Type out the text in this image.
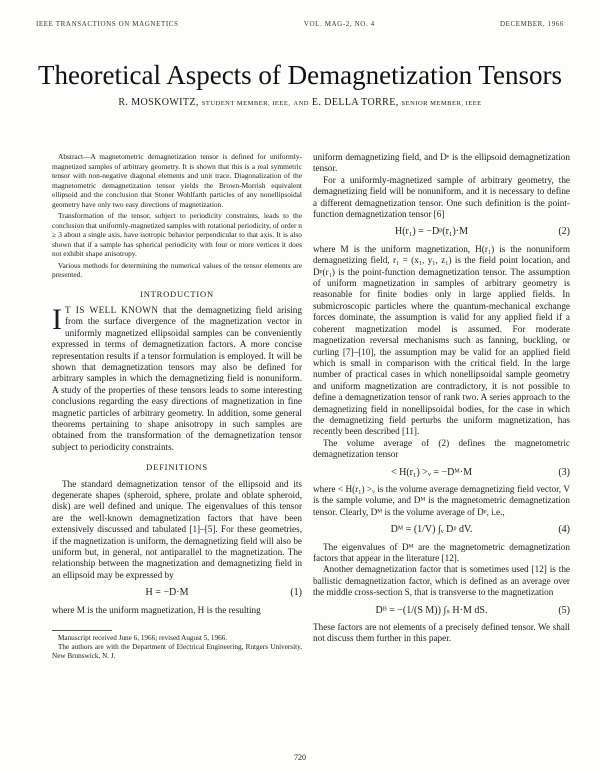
IEEE TRANSACTIONS ON MAGNETICS	VOL. MAG-2, NO. 4	DECEMBER, 1966
Theoretical Aspects of Demagnetization Tensors
R. MOSKOWITZ, STUDENT MEMBER, IEEE, AND E. DELLA TORRE, SENIOR MEMBER, IEEE

Abstract—A magnetometric demagnetization tensor is defined for uniformly-magnetized samples of arbitrary geometry. It is shown that this is a real symmetric tensor with non-negative diagonal elements and unit trace. Diagonalization of the magnetometric demagnetization tensor yields the Brown-Morrish equivalent ellipsoid and the conclusion that Stoner Wohlfarth particles of any nonellipsoidal geometry have only two easy directions of magnetization.

Transformation of the tensor, subject to periodicity constraints, leads to the conclusion that uniformly-magnetized samples with rotational periodicity, of order n ≥ 3 about a single axis, have isotropic behavior perpendicular to that axis. It is also shown that if a sample has spherical periodicity with four or more vertices it does not exhibit shape anisotropy.

Various methods for determining the numerical values of the tensor elements are presented.

INTRODUCTION

I T IS WELL KNOWN that the demagnetizing field arising from the surface divergence of the magnetization vector in uniformly magnetized ellipsoidal samples can be conveniently expressed in terms of demagnetization factors. A more concise representation results if a tensor formulation is employed. It will be shown that demagnetization tensors may also be defined for arbitrary samples in which the demagnetizing field is nonuniform. A study of the properties of these tensors leads to some interesting conclusions regarding the easy directions of magnetization in fine magnetic particles of arbitrary geometry. In addition, some general theorems pertaining to shape anisotropy in such samples are obtained from the transformation of the demagnetization tensor subject to periodicity constraints.

DEFINITIONS

The standard demagnetization tensor of the ellipsoid and its degenerate shapes (spheroid, sphere, prolate and oblate spheroid, disk) are well defined and unique. The eigenvalues of this tensor are the well-known demagnetization factors that have been extensively discussed and tabulated [1]–[5]. For these geometries, if the magnetization is uniform, the demagnetizing field will also be uniform but, in general, not antiparallel to the magnetization. The relationship between the magnetization and demagnetizing field in an ellipsoid may be expressed by

H = −D·M	(1)

where M is the uniform magnetization, H is the resulting

Manuscript received June 6, 1966; revised August 5, 1966.

The authors are with the Department of Electrical Engineering, Rutgers University, New Brunswick, N. J.

uniform demagnetizing field, and Dᵉ is the ellipsoid demagnetization tensor.

For a uniformly-magnetized sample of arbitrary geometry, the demagnetizing field will be nonuniform, and it is necessary to define a different demagnetization tensor. One such definition is the point-function demagnetization tensor [6]

H(r₁) = −Dᵖ(r₁)·M	(2)

where M is the uniform magnetization, H(r₁) is the nonuniform demagnetizing field, r₁ = (x₁, y₁, z₁) is the field point location, and Dᵖ(r₁) is the point-function demagnetization tensor. The assumption of uniform magnetization in samples of arbitrary geometry is reasonable for finite bodies only in large applied fields. In submicroscopic particles where the quantum-mechanical exchange forces dominate, the assumption is valid for any applied field if a coherent magnetization model is assumed. For moderate magnetization reversal mechanisms such as fanning, buckling, or curling [7]–[10], the assumption may be valid for an applied field which is small in comparison with the critical field. In the large number of practical cases in which nonellipsoidal sample geometry and uniform magnetization are contradictory, it is not possible to define a demagnetization tensor of rank two. A series approach to the demagnetizing field in nonellipsoidal bodies, for the case in which the demagnetizing field perturbs the uniform magnetization, has recently been described [11].

The volume average of (2) defines the magnetometric demagnetization tensor

< H(r₁) >ᵥ = −Dᴹ·M	(3)

where < H(r₁) >ᵥ is the volume average demagnetizing field vector, V is the sample volume, and Dᴹ is the magnetometric demagnetization tensor. Clearly, Dᴹ is the volume average of Dᵖ, i.e.,

Dᴹ = (1/V) ∫ᵥ Dᵖ dV.	(4)

The eigenvalues of Dᴹ are the magnetometric demagnetization factors that appear in the literature [12].

Another demagnetization factor that is sometimes used [12] is the ballistic demagnetization factor, which is defined as an average over the middle cross-section S, that is transverse to the magnetization

Dᴮ = −(1/(S M)) ∫ₛ H·M dS.	(5)

These factors are not elements of a precisely defined tensor. We shall not discuss them further in this paper.

720
